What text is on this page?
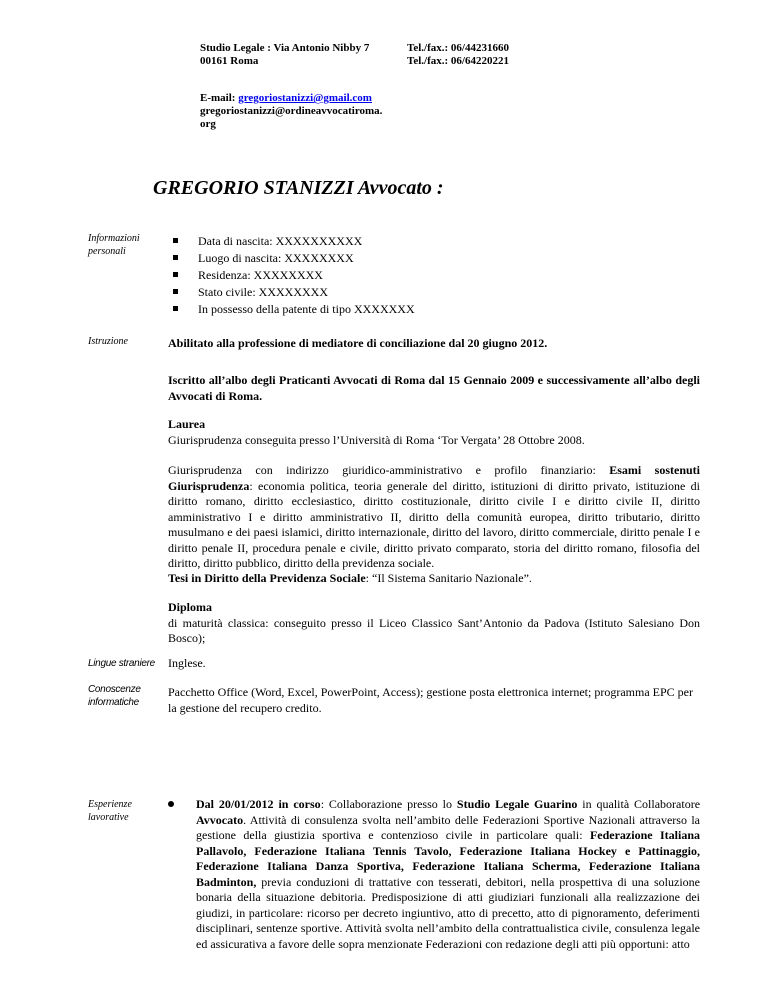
Studio Legale : Via Antonio Nibby 7
00161 Roma
Tel./fax.: 06/44231660
Tel./fax.: 06/64220221
E-mail: gregoriostanizzi@gmail.com
gregoriostanizzi@ordineavvocatiroma.
org
GREGORIO STANIZZI Avvocato :
Informazioni
personali
Data di nascita: XXXXXXXXXX
Luogo di nascita: XXXXXXXX
Residenza: XXXXXXXX
Stato civile: XXXXXXXX
In possesso della patente di tipo XXXXXXX
Istruzione	Abilitato alla professione di mediatore di conciliazione dal 20 giugno 2012.
Iscritto all’albo degli Praticanti Avvocati di Roma dal 15 Gennaio 2009 e successivamente all’albo degli Avvocati di Roma.
Laurea
Giurisprudenza conseguita presso l’Università di Roma ‘Tor Vergata’ 28 Ottobre 2008.
Giurisprudenza con indirizzo giuridico-amministrativo e profilo finanziario: Esami sostenuti Giurisprudenza: economia politica, teoria generale del diritto, istituzioni di diritto privato, istituzione di diritto romano, diritto ecclesiastico, diritto costituzionale, diritto civile I e diritto civile II, diritto amministrativo I e diritto amministrativo II, diritto della comunità europea, diritto tributario, diritto musulmano e dei paesi islamici, diritto internazionale, diritto del lavoro, diritto commerciale, diritto penale I e diritto penale II, procedura penale e civile, diritto privato comparato, storia del diritto romano, filosofia del diritto, diritto pubblico, diritto della previdenza sociale.
Tesi in Diritto della Previdenza Sociale: “Il Sistema Sanitario Nazionale”.
Diploma
di maturità classica: conseguito presso il Liceo Classico Sant’Antonio da Padova (Istituto Salesiano Don Bosco);
Lingue straniere Inglese.
Conoscenze
informatiche
Pacchetto Office (Word, Excel, PowerPoint, Access); gestione posta elettronica internet; programma EPC per la gestione del recupero credito.
Esperienze
lavorative
Dal 20/01/2012 in corso: Collaborazione presso lo Studio Legale Guarino in qualità Collaboratore Avvocato. Attività di consulenza svolta nell’ambito delle Federazioni Sportive Nazionali attraverso la gestione della giustizia sportiva e contenzioso civile in particolare quali: Federazione Italiana Pallavolo, Federazione Italiana Tennis Tavolo, Federazione Italiana Hockey e Pattinaggio, Federazione Italiana Danza Sportiva, Federazione Italiana Scherma, Federazione Italiana Badminton, previa conduzioni di trattative con tesserati, debitori, nella prospettiva di una soluzione bonaria della situazione debitoria. Predisposizione di atti giudiziari funzionali alla realizzazione dei giudizi, in particolare: ricorso per decreto ingiuntivo, atto di precetto, atto di pignoramento, deferimenti disciplinari, sentenze sportive. Attività svolta nell’ambito della contrattualistica civile, consulenza legale ed assicurativa a favore delle sopra menzionate Federazioni con redazione degli atti più opportuni: atto
